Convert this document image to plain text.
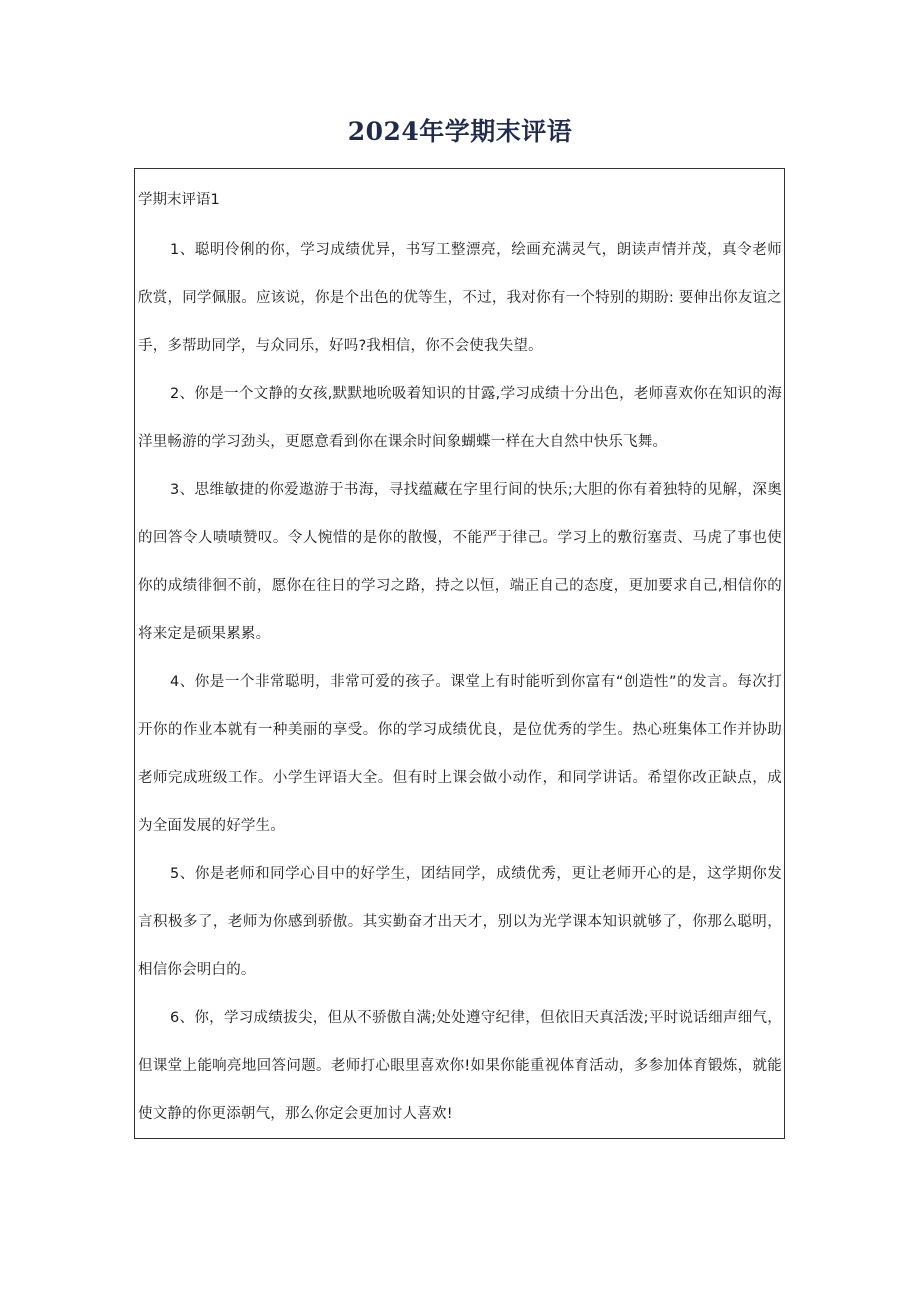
2024年学期末评语

学期末评语1

1、聪明伶俐的你，学习成绩优异，书写工整漂亮，绘画充满灵气，朗读声情并茂，真令老师欣赏，同学佩服。应该说，你是个出色的优等生，不过，我对你有一个特别的期盼: 要伸出你友谊之手，多帮助同学，与众同乐，好吗?我相信，你不会使我失望。

2、你是一个文静的女孩,默默地吮吸着知识的甘露,学习成绩十分出色，老师喜欢你在知识的海洋里畅游的学习劲头，更愿意看到你在课余时间象蝴蝶一样在大自然中快乐飞舞。

3、思维敏捷的你爱遨游于书海，寻找蕴藏在字里行间的快乐;大胆的你有着独特的见解，深奥的回答令人啧啧赞叹。令人惋惜的是你的散慢，不能严于律己。学习上的敷衍塞责、马虎了事也使你的成绩徘徊不前，愿你在往日的学习之路，持之以恒，端正自己的态度，更加要求自己,相信你的将来定是硕果累累。

4、你是一个非常聪明，非常可爱的孩子。课堂上有时能听到你富有“创造性”的发言。每次打开你的作业本就有一种美丽的享受。你的学习成绩优良，是位优秀的学生。热心班集体工作并协助老师完成班级工作。小学生评语大全。但有时上课会做小动作，和同学讲话。希望你改正缺点，成为全面发展的好学生。

5、你是老师和同学心目中的好学生，团结同学，成绩优秀，更让老师开心的是，这学期你发言积极多了，老师为你感到骄傲。其实勤奋才出天才，别以为光学课本知识就够了，你那么聪明，相信你会明白的。

6、你，学习成绩拔尖，但从不骄傲自满;处处遵守纪律，但依旧天真活泼;平时说话细声细气，但课堂上能响亮地回答问题。老师打心眼里喜欢你!如果你能重视体育活动，多参加体育锻炼，就能使文静的你更添朝气，那么你定会更加讨人喜欢!
